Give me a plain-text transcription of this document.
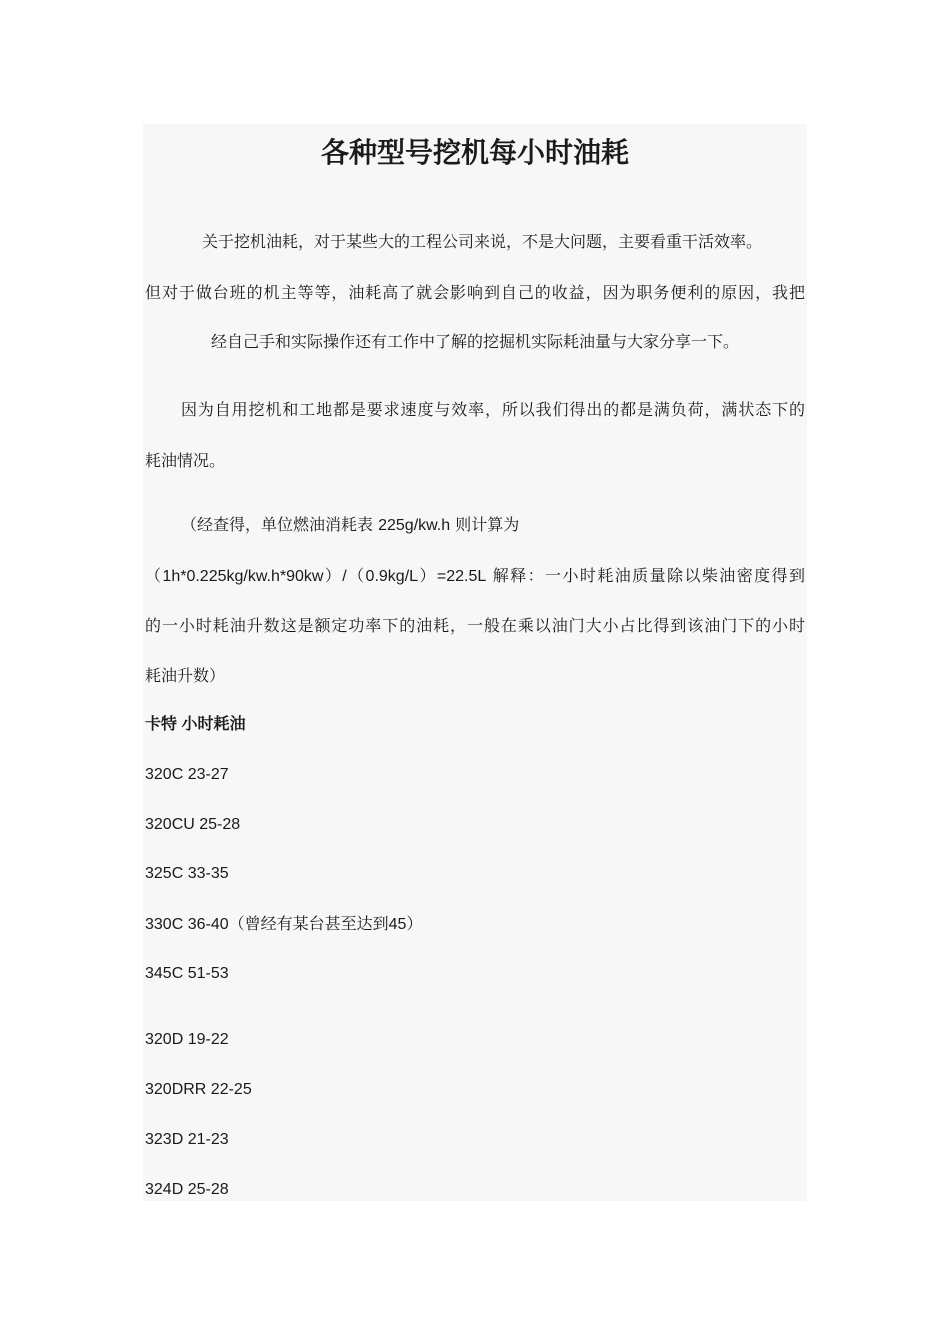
各种型号挖机每小时油耗

关于挖机油耗，对于某些大的工程公司来说，不是大问题，主要看重干活效率。

但对于做台班的机主等等，油耗高了就会影响到自己的收益，因为职务便利的原因，我把

经自己手和实际操作还有工作中了解的挖掘机实际耗油量与大家分享一下。

因为自用挖机和工地都是要求速度与效率，所以我们得出的都是满负荷，满状态下的

耗油情况。

（经查得，单位燃油消耗表 225g/kw.h 则计算为

（1h*0.225kg/kw.h*90kw）/（0.9kg/L）=22.5L 解释：一小时耗油质量除以柴油密度得到

的一小时耗油升数这是额定功率下的油耗，一般在乘以油门大小占比得到该油门下的小时

耗油升数）

卡特 小时耗油

320C 23-27

320CU 25-28

325C 33-35

330C 36-40（曾经有某台甚至达到45）

345C 51-53

320D 19-22

320DRR 22-25

323D 21-23

324D 25-28
